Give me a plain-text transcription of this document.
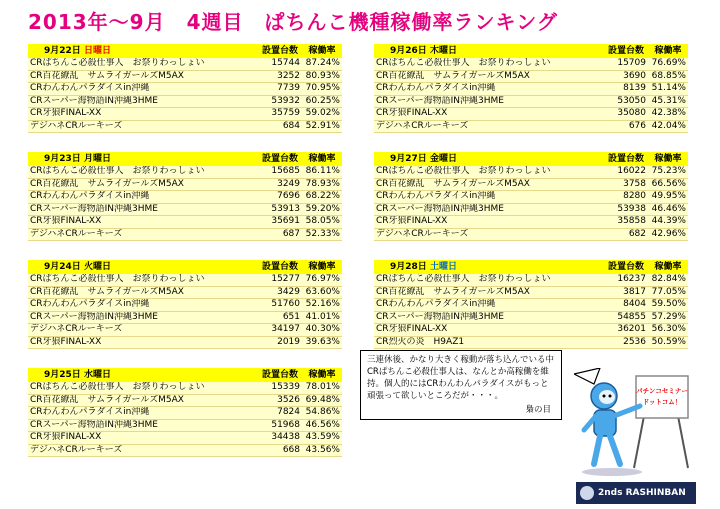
2013年～9月　4週目　ぱちんこ機種稼働率ランキング
9月22日 日曜日	設置台数	稼働率
CRぱちんこ必殺仕事人　お祭りわっしょい	15744	87.24%
CR百花繚乱　サムライガールズM5AX	3252	80.93%
CRわんわんパラダイスin沖縄	7739	70.95%
CRスーパー海物語IN沖縄3HME	53932	60.25%
CR牙狼FINAL-XX	35759	59.02%
デジハネCRルーキーズ	684	52.91%
9月26日 木曜日	設置台数	稼働率
CRぱちんこ必殺仕事人　お祭りわっしょい	15709	76.69%
CR百花繚乱　サムライガールズM5AX	3690	68.85%
CRわんわんパラダイスin沖縄	8139	51.14%
CRスーパー海物語IN沖縄3HME	53050	45.31%
CR牙狼FINAL-XX	35080	42.38%
デジハネCRルーキーズ	676	42.04%
9月23日 月曜日	設置台数	稼働率
CRぱちんこ必殺仕事人　お祭りわっしょい	15685	86.11%
CR百花繚乱　サムライガールズM5AX	3249	78.93%
CRわんわんパラダイスin沖縄	7696	68.22%
CRスーパー海物語IN沖縄3HME	53913	59.20%
CR牙狼FINAL-XX	35691	58.05%
デジハネCRルーキーズ	687	52.33%
9月27日 金曜日	設置台数	稼働率
CRぱちんこ必殺仕事人　お祭りわっしょい	16022	75.23%
CR百花繚乱　サムライガールズM5AX	3758	66.56%
CRわんわんパラダイスin沖縄	8280	49.95%
CRスーパー海物語IN沖縄3HME	53938	46.46%
CR牙狼FINAL-XX	35858	44.39%
デジハネCRルーキーズ	682	42.96%
9月24日 火曜日	設置台数	稼働率
CRぱちんこ必殺仕事人　お祭りわっしょい	15277	76.97%
CR百花繚乱　サムライガールズM5AX	3429	63.60%
CRわんわんパラダイスin沖縄	51760	52.16%
CRスーパー海物語IN沖縄3HME	651	41.01%
デジハネCRルーキーズ	34197	40.30%
CR牙狼FINAL-XX	2019	39.63%
9月28日 土曜日	設置台数	稼働率
CRぱちんこ必殺仕事人　お祭りわっしょい	16237	82.84%
CR百花繚乱　サムライガールズM5AX	3817	77.05%
CRわんわんパラダイスin沖縄	8404	59.50%
CRスーパー海物語IN沖縄3HME	54855	57.29%
CR牙狼FINAL-XX	36201	56.30%
CR烈火の炎　H9AZ1	2536	50.59%
9月25日 水曜日	設置台数	稼働率
CRぱちんこ必殺仕事人　お祭りわっしょい	15339	78.01%
CR百花繚乱　サムライガールズM5AX	3526	69.48%
CRわんわんパラダイスin沖縄	7824	54.86%
CRスーパー海物語IN沖縄3HME	51968	46.56%
CR牙狼FINAL-XX	34438	43.59%
デジハネCRルーキーズ	668	43.56%
三連休後、かなり大きく稼動が落ち込んでいる中
CRぱちんこ必殺仕事人は、なんとか高稼働を維
持。個人的にはCRわんわんパラダイスがもっと
頑張って欲しいところだが・・・。
梟の目
パチンコセミナー
ドットコム！
2nds RASHINBAN
